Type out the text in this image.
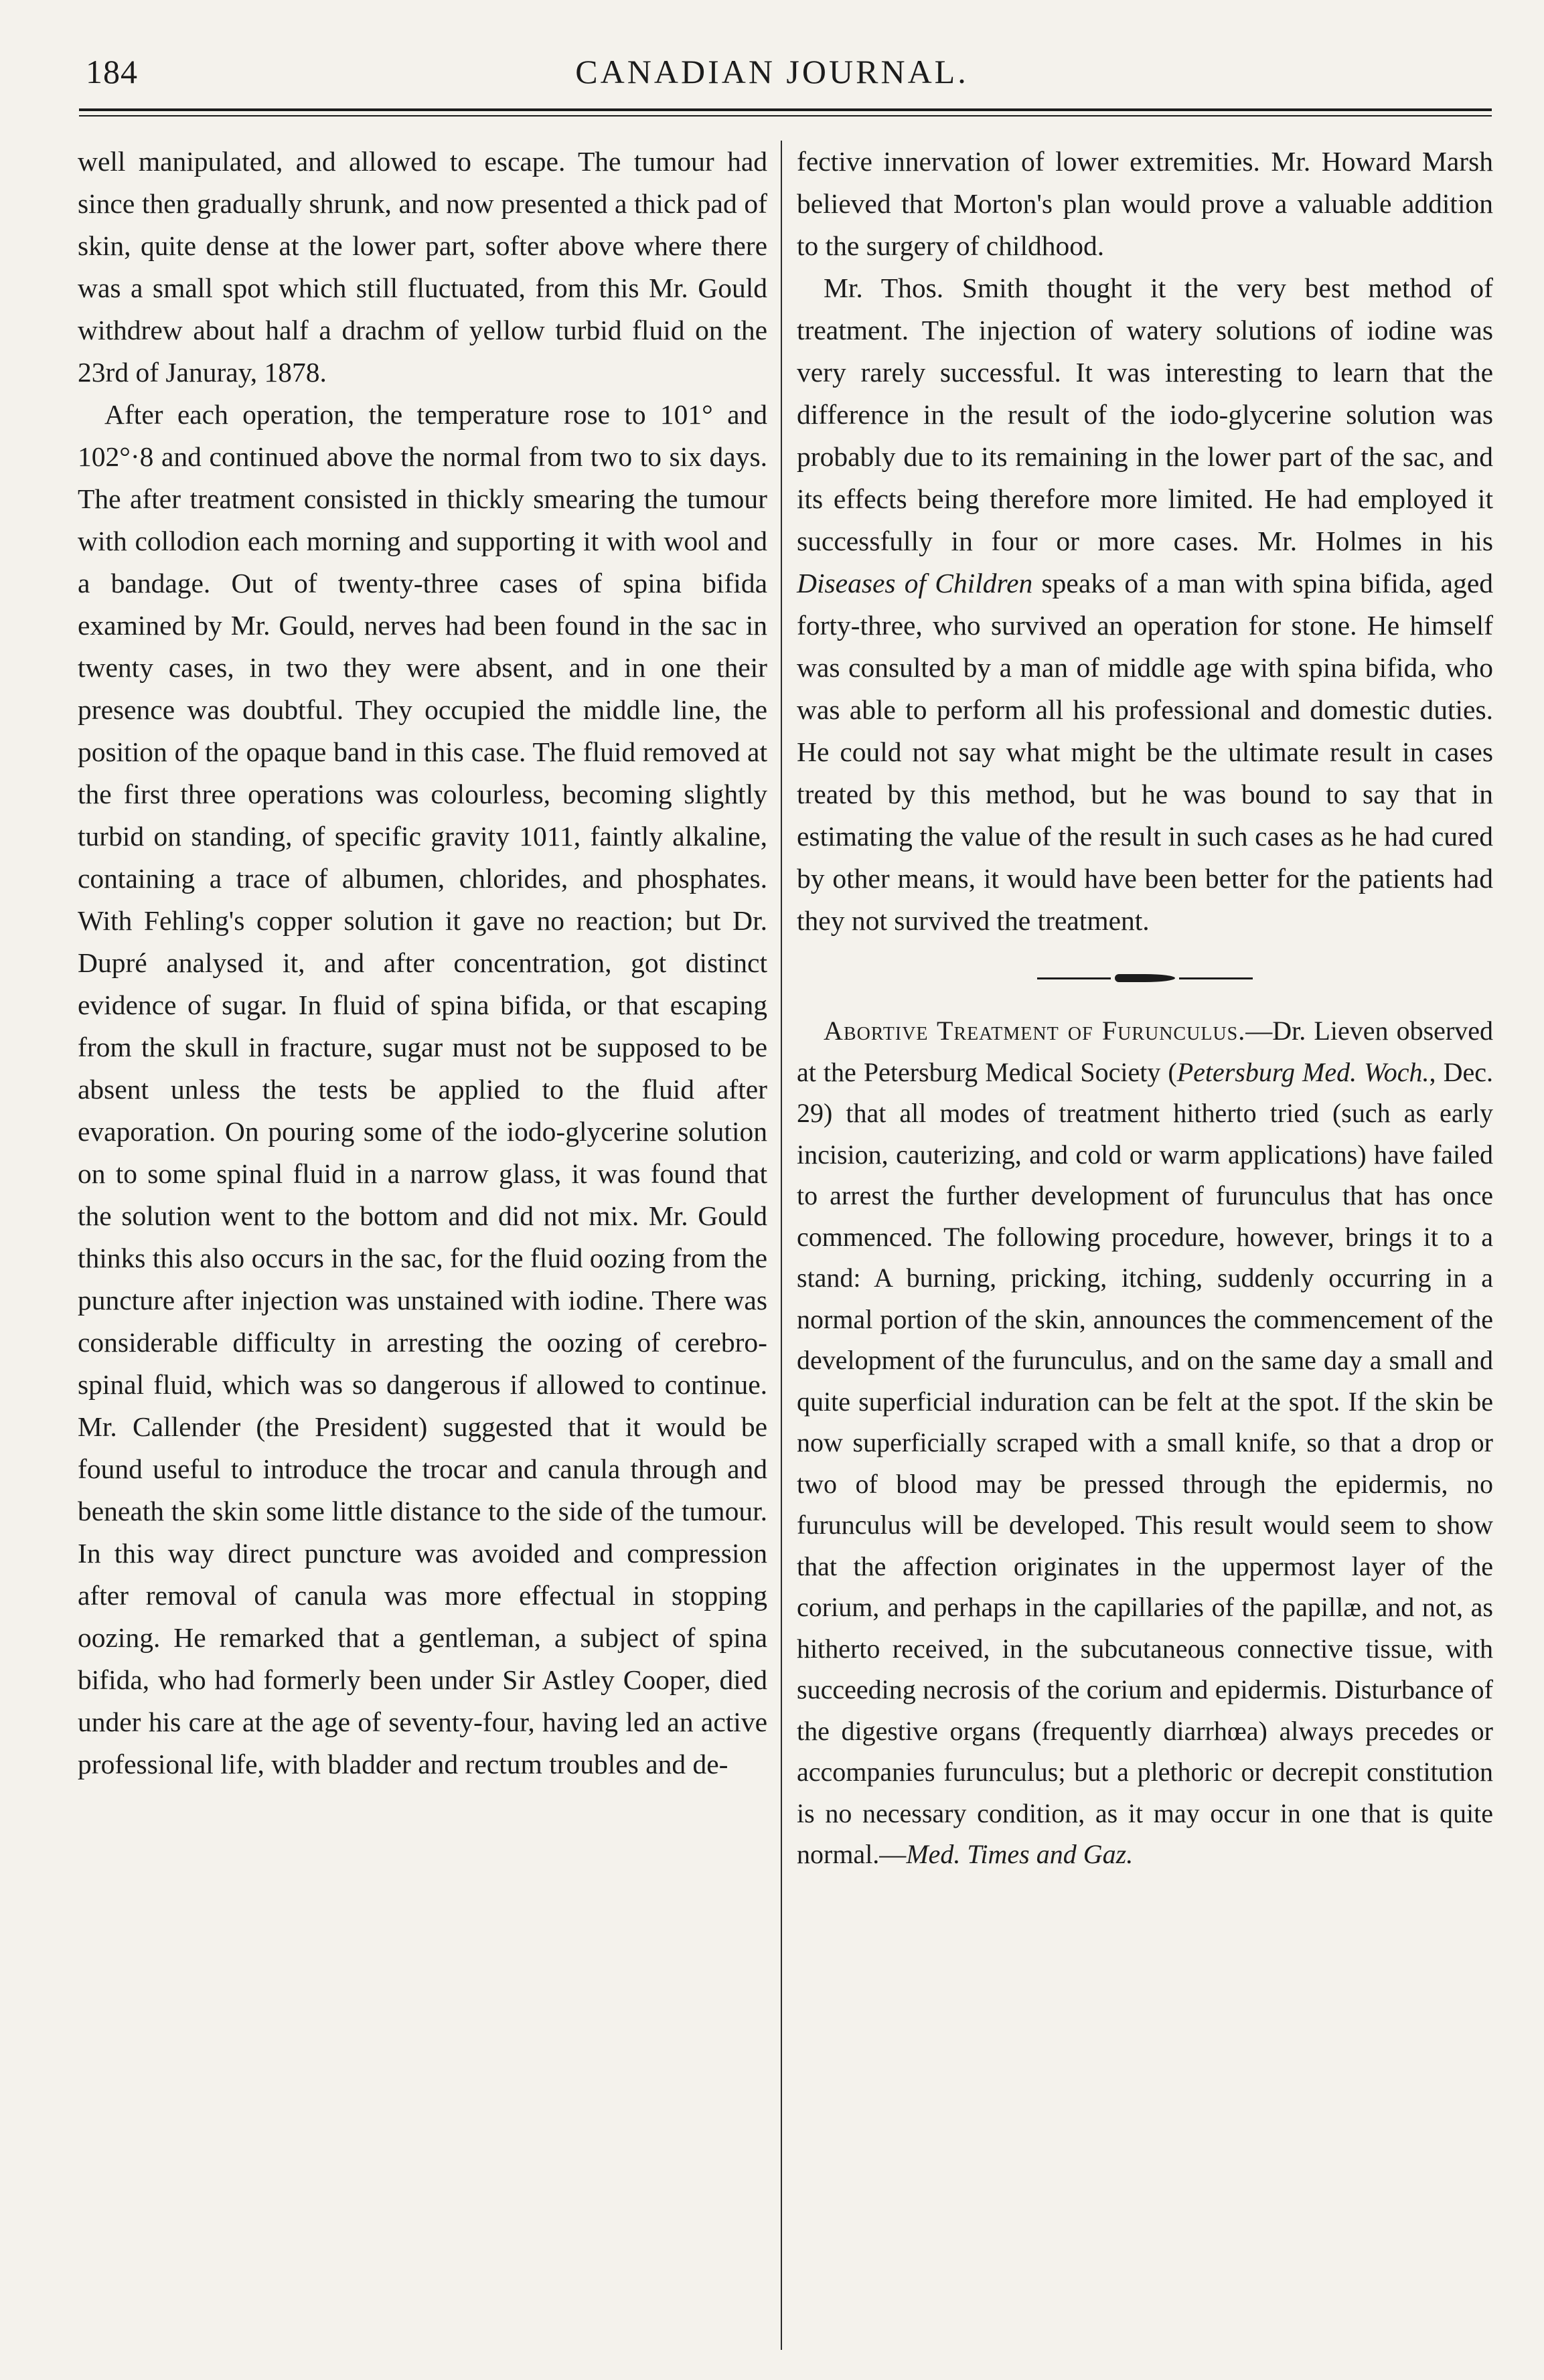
184	CANADIAN JOURNAL.

well manipulated, and allowed to escape. The tumour had since then gradually shrunk, and now presented a thick pad of skin, quite dense at the lower part, softer above where there was a small spot which still fluctuated, from this Mr. Gould withdrew about half a drachm of yellow turbid fluid on the 23rd of Januray, 1878.

After each operation, the temperature rose to 101° and 102°·8 and continued above the normal from two to six days. The after treatment consisted in thickly smearing the tumour with collodion each morning and supporting it with wool and a bandage. Out of twenty-three cases of spina bifida examined by Mr. Gould, nerves had been found in the sac in twenty cases, in two they were absent, and in one their presence was doubtful. They occupied the middle line, the position of the opaque band in this case. The fluid removed at the first three operations was colourless, becoming slightly turbid on standing, of specific gravity 1011, faintly alkaline, containing a trace of albumen, chlorides, and phosphates. With Fehling's copper solution it gave no reaction; but Dr. Dupré analysed it, and after concentration, got distinct evidence of sugar. In fluid of spina bifida, or that escaping from the skull in fracture, sugar must not be supposed to be absent unless the tests be applied to the fluid after evaporation. On pouring some of the iodo-glycerine solution on to some spinal fluid in a narrow glass, it was found that the solution went to the bottom and did not mix. Mr. Gould thinks this also occurs in the sac, for the fluid oozing from the puncture after injection was unstained with iodine. There was considerable difficulty in arresting the oozing of cerebro-spinal fluid, which was so dangerous if allowed to continue. Mr. Callender (the President) suggested that it would be found useful to introduce the trocar and canula through and beneath the skin some little distance to the side of the tumour. In this way direct puncture was avoided and compression after removal of canula was more effectual in stopping oozing. He remarked that a gentleman, a subject of spina bifida, who had formerly been under Sir Astley Cooper, died under his care at the age of seventy-four, having led an active professional life, with bladder and rectum troubles and de-

fective innervation of lower extremities. Mr. Howard Marsh believed that Morton's plan would prove a valuable addition to the surgery of childhood.

Mr. Thos. Smith thought it the very best method of treatment. The injection of watery solutions of iodine was very rarely successful. It was interesting to learn that the difference in the result of the iodo-glycerine solution was probably due to its remaining in the lower part of the sac, and its effects being therefore more limited. He had employed it successfully in four or more cases. Mr. Holmes in his Diseases of Children speaks of a man with spina bifida, aged forty-three, who survived an operation for stone. He himself was consulted by a man of middle age with spina bifida, who was able to perform all his professional and domestic duties. He could not say what might be the ultimate result in cases treated by this method, but he was bound to say that in estimating the value of the result in such cases as he had cured by other means, it would have been better for the patients had they not survived the treatment.

Abortive Treatment of Furunculus.—Dr. Lieven observed at the Petersburg Medical Society (Petersburg Med. Woch., Dec. 29) that all modes of treatment hitherto tried (such as early incision, cauterizing, and cold or warm applications) have failed to arrest the further development of furunculus that has once commenced. The following procedure, however, brings it to a stand: A burning, pricking, itching, suddenly occurring in a normal portion of the skin, announces the commencement of the development of the furunculus, and on the same day a small and quite superficial induration can be felt at the spot. If the skin be now superficially scraped with a small knife, so that a drop or two of blood may be pressed through the epidermis, no furunculus will be developed. This result would seem to show that the affection originates in the uppermost layer of the corium, and perhaps in the capillaries of the papillæ, and not, as hitherto received, in the subcutaneous connective tissue, with succeeding necrosis of the corium and epidermis. Disturbance of the digestive organs (frequently diarrhœa) always precedes or accompanies furunculus; but a plethoric or decrepit constitution is no necessary condition, as it may occur in one that is quite normal.—Med. Times and Gaz.
